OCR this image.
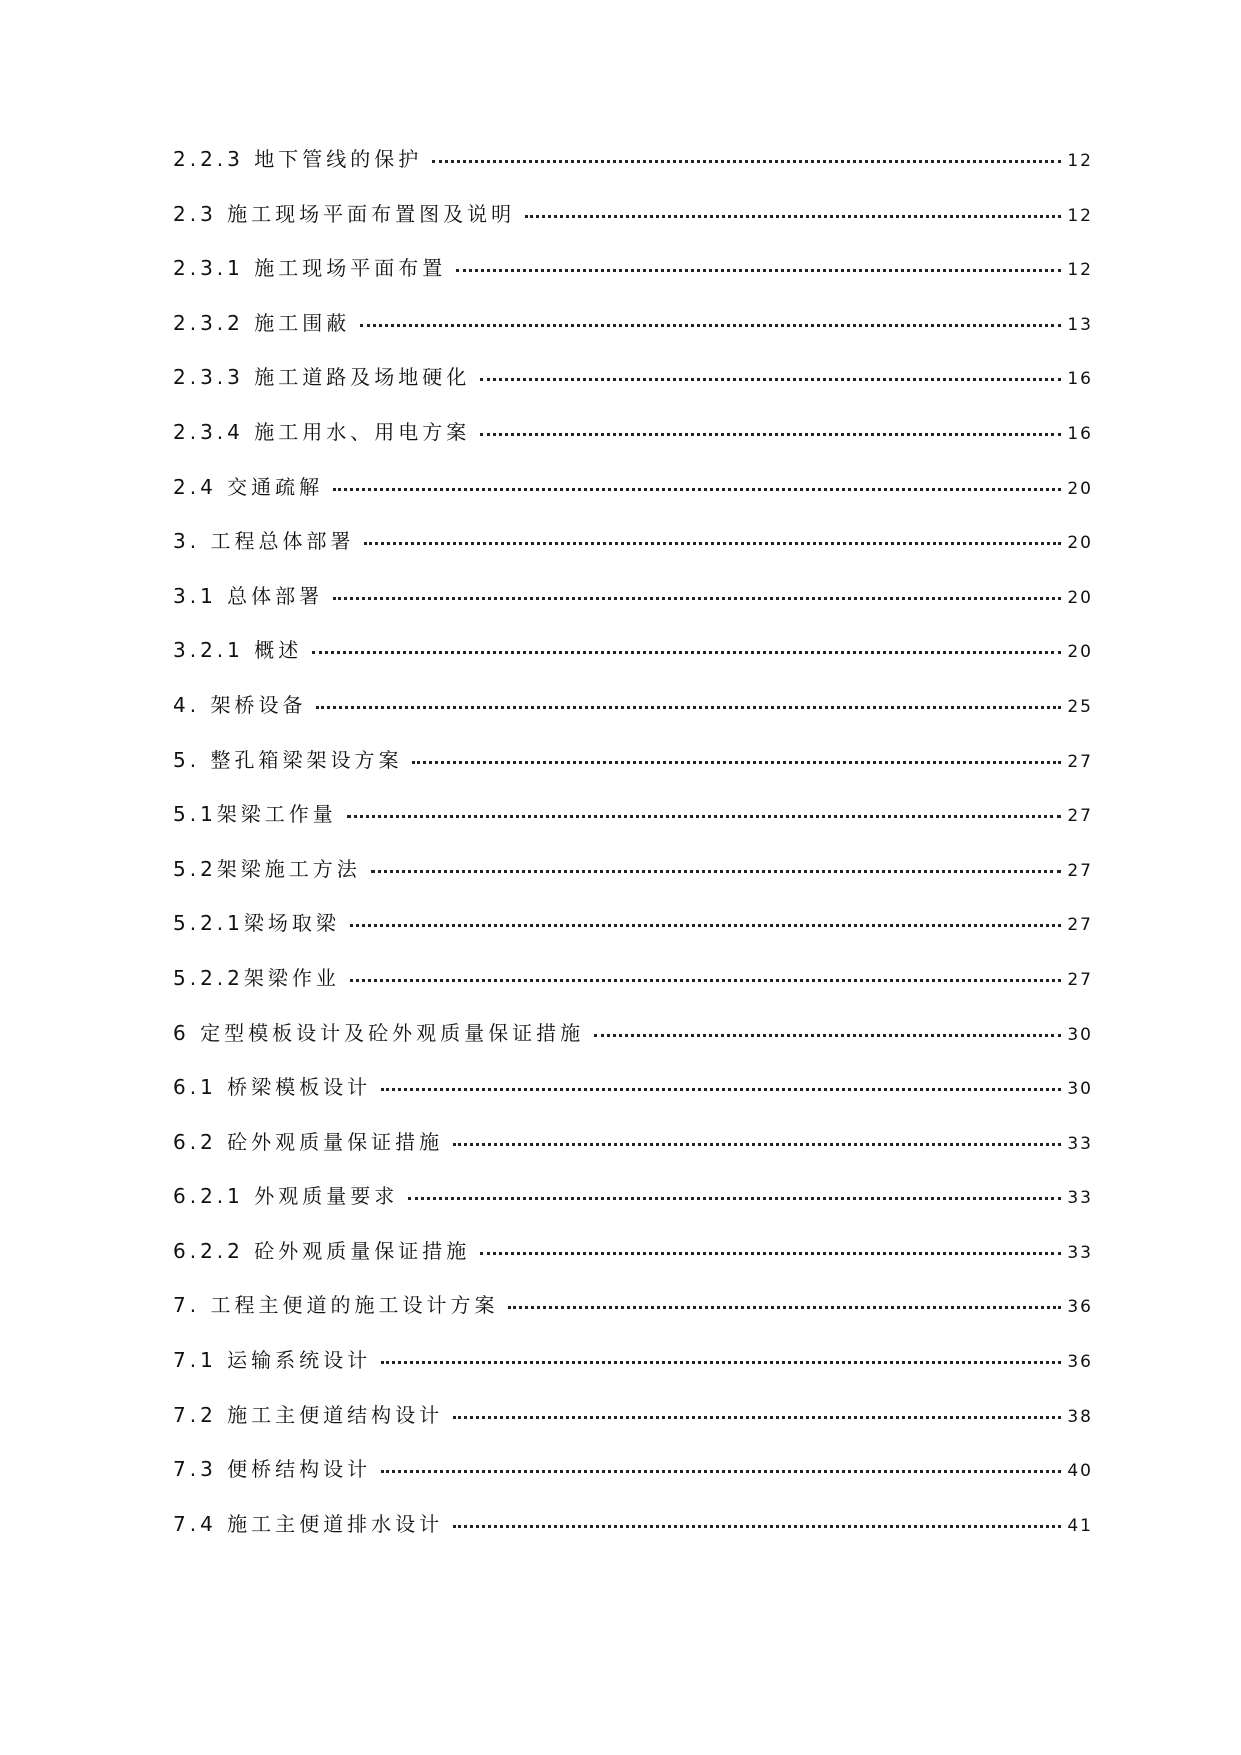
2.2.3 地下管线的保护	12
2.3 施工现场平面布置图及说明	12
2.3.1 施工现场平面布置	12
2.3.2 施工围蔽	13
2.3.3 施工道路及场地硬化	16
2.3.4 施工用水、用电方案	16
2.4 交通疏解	20
3. 工程总体部署	20
3.1 总体部署	20
3.2.1 概述	20
4. 架桥设备	25
5. 整孔箱梁架设方案	27
5.1架梁工作量	27
5.2架梁施工方法	27
5.2.1梁场取梁	27
5.2.2架梁作业	27
6 定型模板设计及砼外观质量保证措施	30
6.1 桥梁模板设计	30
6.2 砼外观质量保证措施	33
6.2.1 外观质量要求	33
6.2.2 砼外观质量保证措施	33
7. 工程主便道的施工设计方案	36
7.1 运输系统设计	36
7.2 施工主便道结构设计	38
7.3 便桥结构设计	40
7.4 施工主便道排水设计	41
